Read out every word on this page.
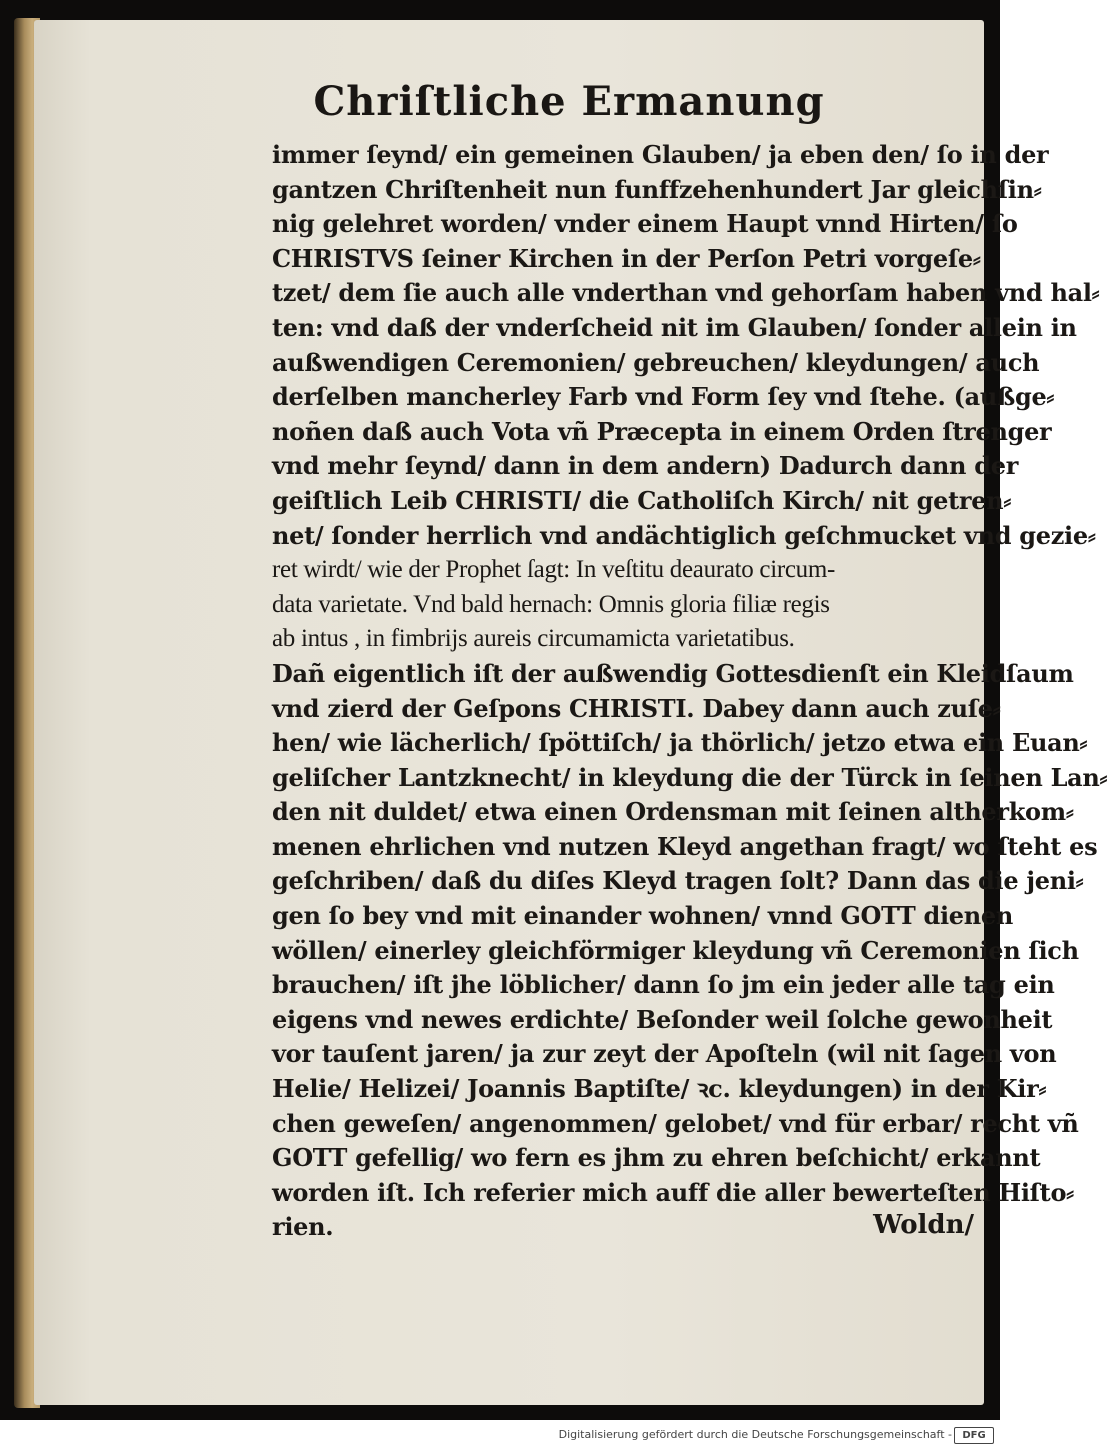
Chriſtliche Ermanung
immer ſeynd/ ein gemeinen Glauben/ ja eben den/ ſo in der
gantzen Chriſtenheit nun funffzehenhundert Jar gleichſin⸗
nig gelehret worden/ vnder einem Haupt vnnd Hirten/ ſo
CHRISTVS ſeiner Kirchen in der Perſon Petri vorgeſe⸗
tzet/ dem ſie auch alle vnderthan vnd gehorſam haben vnd hal⸗
ten: vnd daß der vnderſcheid nit im Glauben/ ſonder allein in
außwendigen Ceremonien/ gebreuchen/ kleydungen/ auch
derſelben mancherley Farb vnd Form ſey vnd ſtehe. (außge⸗
noñen daß auch Vota vñ Præcepta in einem Orden ſtrenger
vnd mehr ſeynd/ dann in dem andern) Dadurch dann der
geiſtlich Leib CHRISTI/ die Catholiſch Kirch/ nit getren⸗
net/ ſonder herrlich vnd andächtiglich geſchmucket vnd gezie⸗
ret wirdt/ wie der Prophet ſagt: In veſtitu deaurato circum-
data varietate. Vnd bald hernach: Omnis gloria filiæ regis
ab intus , in fimbrijs aureis circumamicta varietatibus.
Dañ eigentlich iſt der außwendig Gottesdienſt ein Kleidſaum
vnd zierd der Geſpons CHRISTI. Dabey dann auch zuſe⸗
hen/ wie lächerlich/ ſpöttiſch/ ja thörlich/ jetzo etwa ein Euan⸗
geliſcher Lantzknecht/ in kleydung die der Türck in ſeinen Lan⸗
den nit duldet/ etwa einen Ordensman mit ſeinen altherkom⸗
menen ehrlichen vnd nutzen Kleyd angethan fragt/ wo ſteht es
geſchriben/ daß du diſes Kleyd tragen ſolt? Dann das die jeni⸗
gen ſo bey vnd mit einander wohnen/ vnnd GOTT dienen
wöllen/ einerley gleichförmiger kleydung vñ Ceremonien ſich
brauchen/ iſt jhe löblicher/ dann ſo jm ein jeder alle tag ein
eigens vnd newes erdichte/ Beſonder weil ſolche gewonheit
vor tauſent jaren/ ja zur zeyt der Apoſteln (wil nit ſagen von
Helie/ Helizei/ Joannis Baptiſte/ ꝛc. kleydungen) in der Kir⸗
chen geweſen/ angenommen/ gelobet/ vnd für erbar/ recht vñ
GOTT gefellig/ wo fern es jhm zu ehren beſchicht/ erkannt
worden iſt. Ich referier mich auff die aller bewerteſten Hiſto⸗
rien.	Woldn/
Digitalisierung gefördert durch die Deutsche Forschungsgemeinschaft -	DFG
